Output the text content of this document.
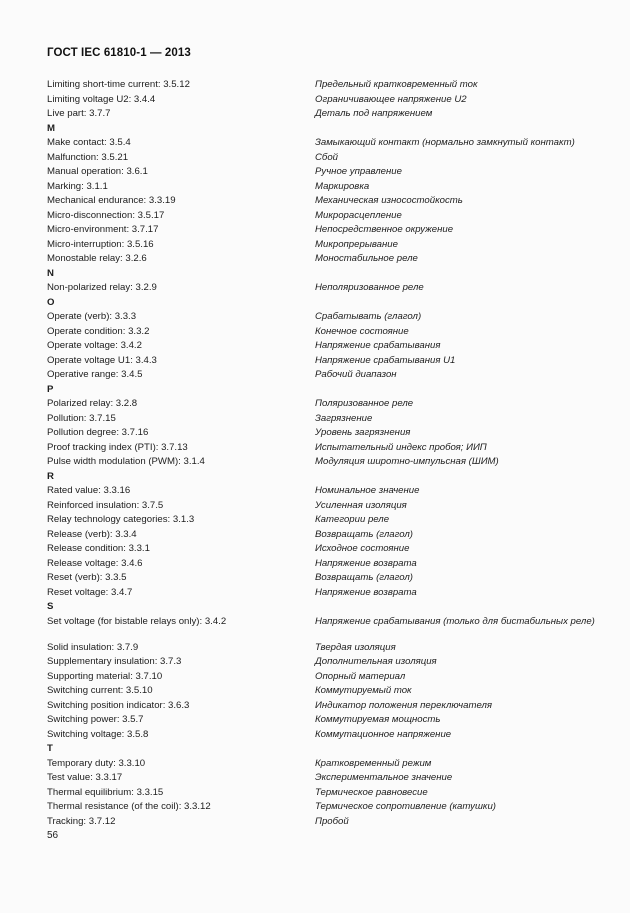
ГОСТ IEC 61810-1 — 2013
Limiting short-time current: 3.5.12	Предельный кратковременный ток
Limiting voltage U2: 3.4.4	Ограничивающее напряжение U2
Live part: 3.7.7	Деталь под напряжением
M
Make contact: 3.5.4	Замыкающий контакт (нормально замкнутый контакт)
Malfunction: 3.5.21	Сбой
Manual operation: 3.6.1	Ручное управление
Marking: 3.1.1	Маркировка
Mechanical endurance: 3.3.19	Механическая износостойкость
Micro-disconnection: 3.5.17	Микрорасцепление
Micro-environment: 3.7.17	Непосредственное окружение
Micro-interruption: 3.5.16	Микропрерывание
Monostable relay: 3.2.6	Моностабильное реле
N
Non-polarized relay: 3.2.9	Неполяризованное реле
O
Operate (verb): 3.3.3	Срабатывать (глагол)
Operate condition: 3.3.2	Конечное состояние
Operate voltage: 3.4.2	Напряжение срабатывания
Operate voltage U1: 3.4.3	Напряжение срабатывания U1
Operative range: 3.4.5	Рабочий диапазон
P
Polarized relay: 3.2.8	Поляризованное реле
Pollution: 3.7.15	Загрязнение
Pollution degree: 3.7.16	Уровень загрязнения
Proof tracking index (PTI): 3.7.13	Испытательный индекс пробоя; ИИП
Pulse width modulation (PWM): 3.1.4	Модуляция широтно-импульсная (ШИМ)
R
Rated value: 3.3.16	Номинальное значение
Reinforced insulation: 3.7.5	Усиленная изоляция
Relay technology categories: 3.1.3	Категории реле
Release (verb): 3.3.4	Возвращать (глагол)
Release condition: 3.3.1	Исходное состояние
Release voltage: 3.4.6	Напряжение возврата
Reset (verb): 3.3.5	Возвращать (глагол)
Reset voltage: 3.4.7	Напряжение возврата
S
Set voltage (for bistable relays only): 3.4.2	Напряжение срабатывания (только для бистабильных реле)
Solid insulation: 3.7.9	Твердая изоляция
Supplementary insulation: 3.7.3	Дополнительная изоляция
Supporting material: 3.7.10	Опорный материал
Switching current: 3.5.10	Коммутируемый ток
Switching position indicator: 3.6.3	Индикатор положения переключателя
Switching power: 3.5.7	Коммутируемая мощность
Switching voltage: 3.5.8	Коммутационное напряжение
T
Temporary duty: 3.3.10	Кратковременный режим
Test value: 3.3.17	Экспериментальное значение
Thermal equilibrium: 3.3.15	Термическое равновесие
Thermal resistance (of the coil): 3.3.12	Термическое сопротивление (катушки)
Tracking: 3.7.12	Пробой
56
